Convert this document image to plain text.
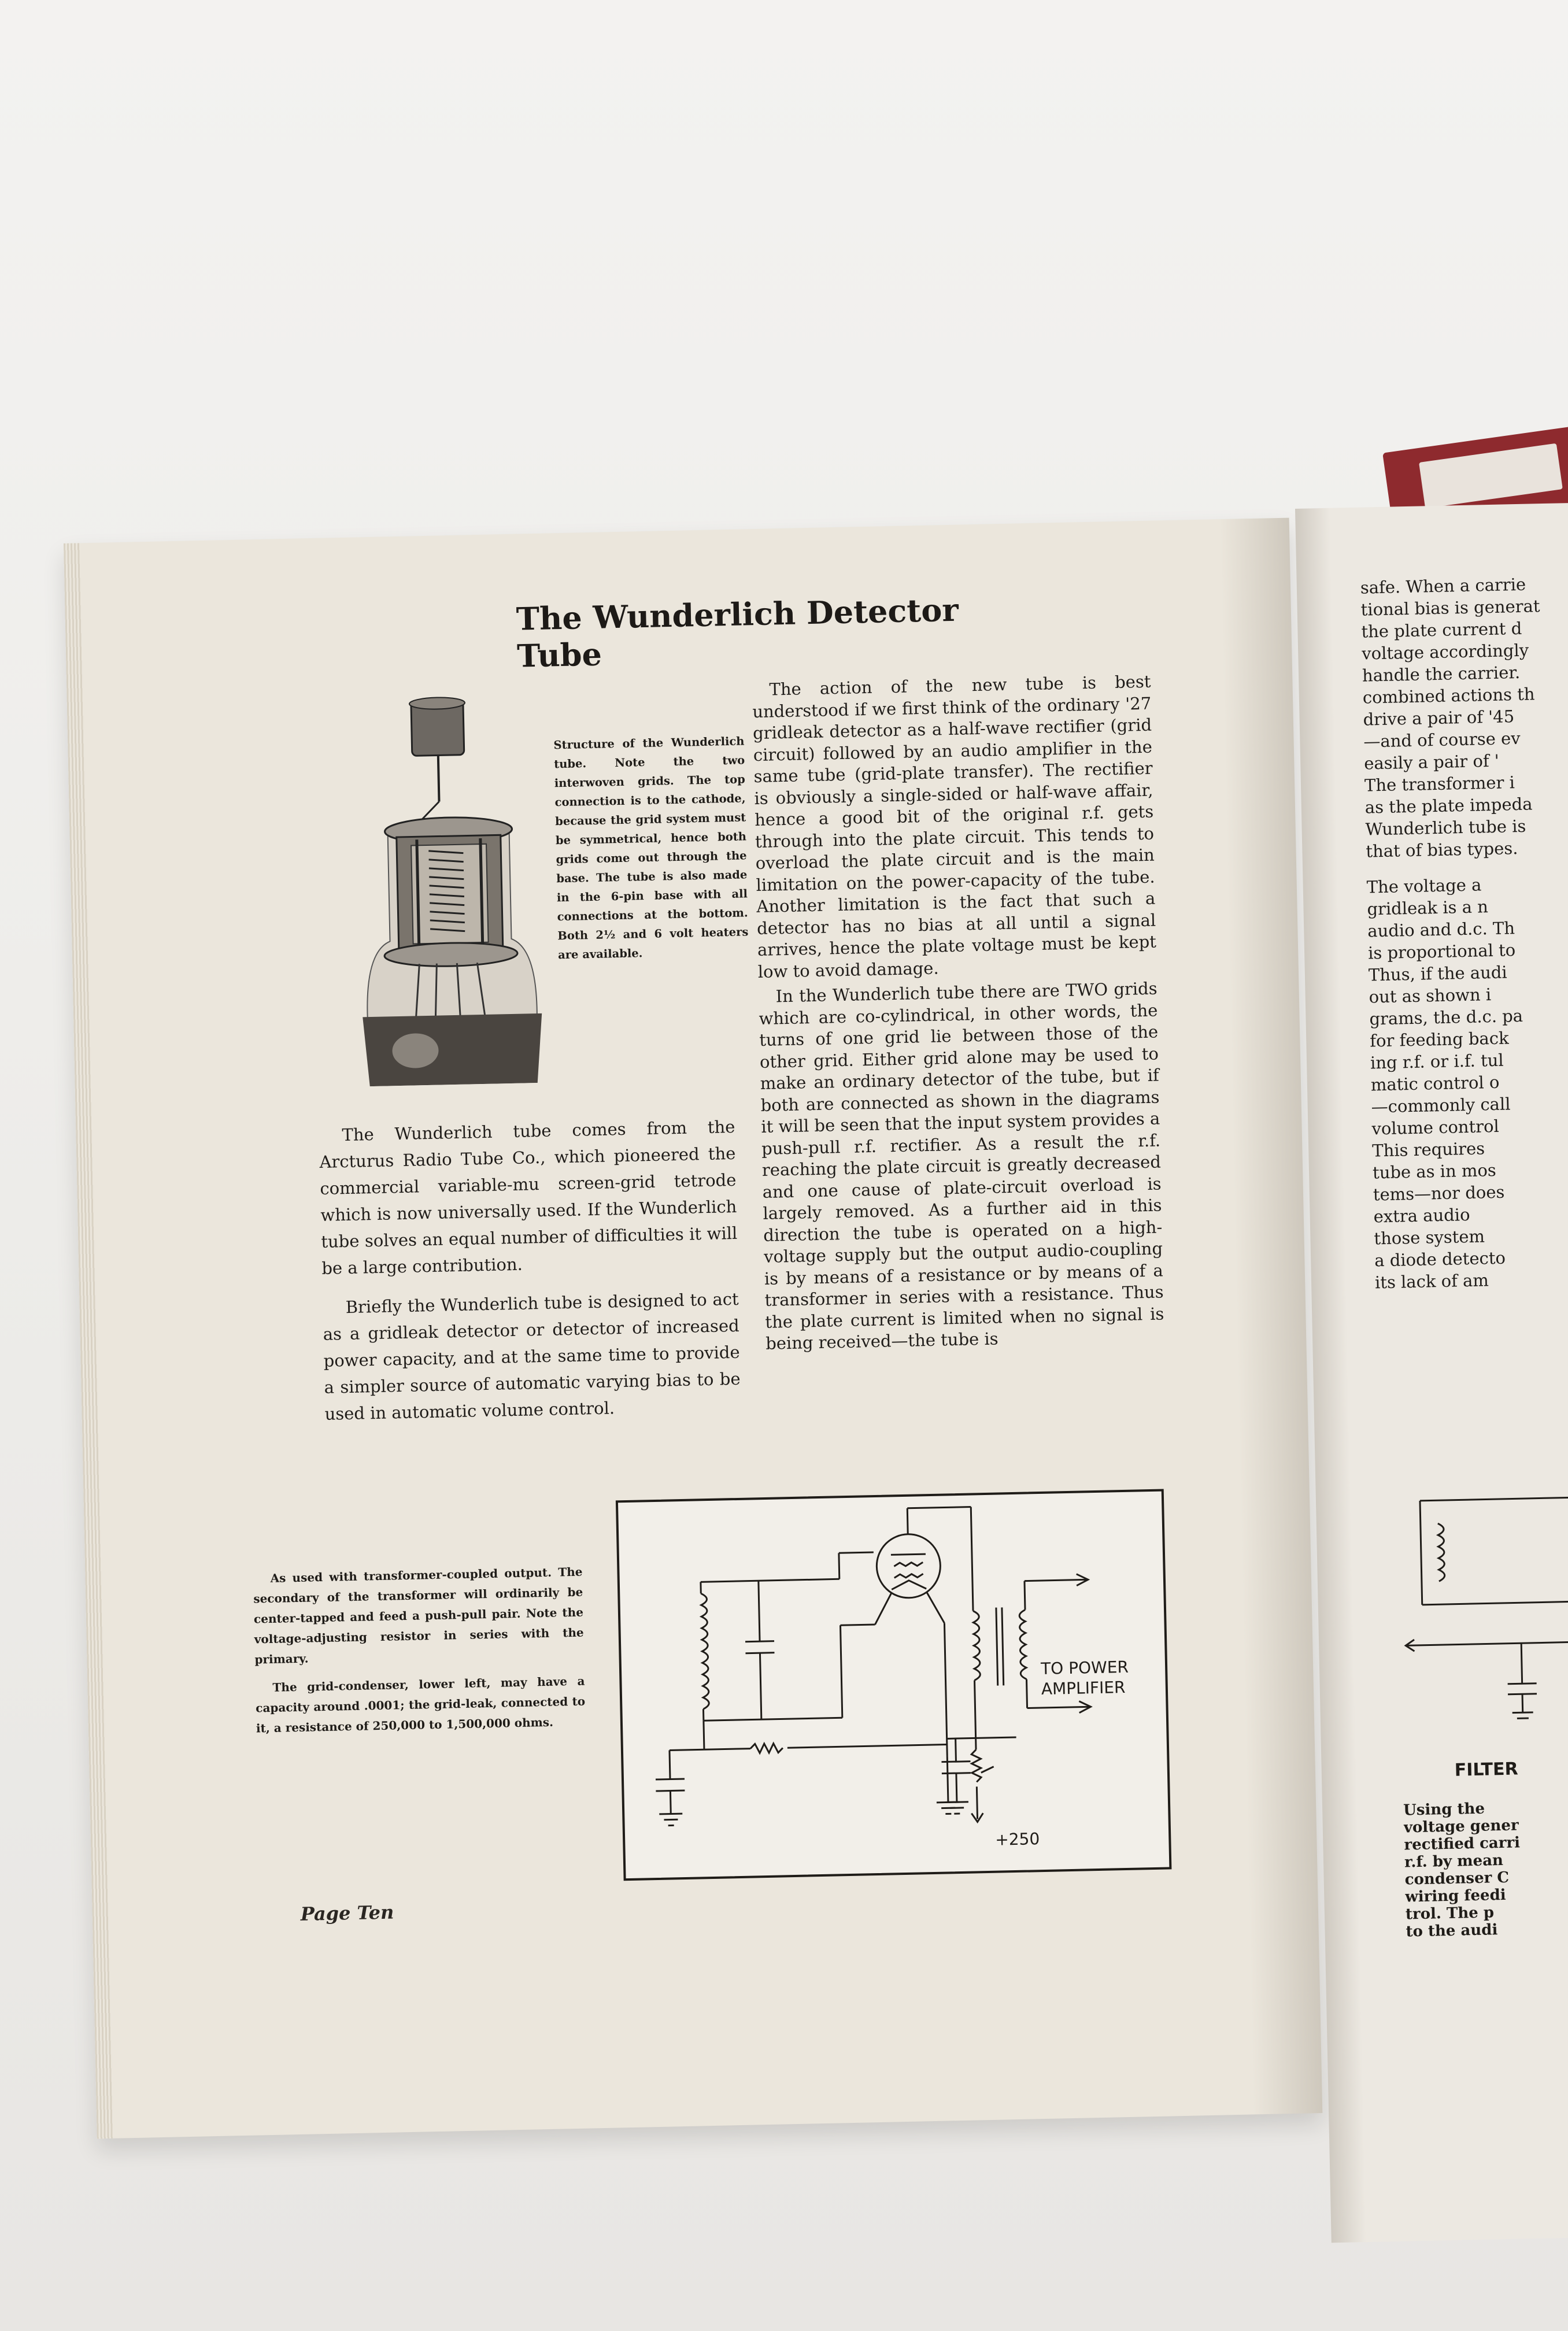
The Wunderlich Detector Tube
Structure of the Wunderlich tube. Note the two interwoven grids. The top connection is to the cathode, because the grid system must be symmetrical, hence both grids come out through the base. The tube is also made in the 6-pin base with all connections at the bottom. Both 2½ and 6 volt heaters are available.

The action of the new tube is best understood if we first think of the ordinary '27 gridleak detector as a half-wave rectifier (grid circuit) followed by an audio amplifier in the same tube (grid-plate transfer). The rectifier is obviously a single-sided or half-wave affair, hence a good bit of the original r.f. gets through into the plate circuit. This tends to overload the plate circuit and is the main limitation on the power-capacity of the tube. Another limitation is the fact that such a detector has no bias at all until a signal arrives, hence the plate voltage must be kept low to avoid damage.

In the Wunderlich tube there are TWO grids which are co-cylindrical, in other words, the turns of one grid lie between those of the other grid. Either grid alone may be used to make an ordinary detector of the tube, but if both are connected as shown in the diagrams it will be seen that the input system provides a push-pull r.f. rectifier. As a result the r.f. reaching the plate circuit is greatly decreased and one cause of plate-circuit overload is largely removed. As a further aid in this direction the tube is operated on a high-voltage supply but the output audio-coupling is by means of a resistance or by means of a transformer in series with a resistance. Thus the plate current is limited when no signal is being received—the tube is

The Wunderlich tube comes from the Arcturus Radio Tube Co., which pioneered the commercial variable-mu screen-grid tetrode which is now universally used. If the Wunderlich tube solves an equal number of difficulties it will be a large contribution.

Briefly the Wunderlich tube is designed to act as a gridleak detector or detector of increased power capacity, and at the same time to provide a simpler source of automatic varying bias to be used in automatic volume control.

As used with transformer-coupled output. The secondary of the transformer will ordinarily be center-tapped and feed a push-pull pair. Note the voltage-adjusting resistor in series with the primary.

The grid-condenser, lower left, may have a capacity around .0001; the grid-leak, connected to it, a resistance of 250,000 to 1,500,000 ohms.

TO POWER
AMPLIFIER
+250
Page Ten
safe. When a carrie
tional bias is generat
the plate current d
voltage accordingly
handle the carrier.
combined actions th
drive a pair of '45
—and of course ev
easily a pair of '
The transformer i
as the plate impeda
Wunderlich tube is
that of bias types.
The voltage a
gridleak is a n
audio and d.c. Th
is proportional to
Thus, if the audi
out as shown i
grams, the d.c. pa
for feeding back
ing r.f. or i.f. tul
matic control o
—commonly call
volume control
This requires
tube as in mos
tems—nor does
extra audio
those system
a diode detecto
its lack of am
FILTER
Using the
voltage gener
rectified carri
r.f. by mean
condenser C
wiring feedi
trol. The p
to the audi
